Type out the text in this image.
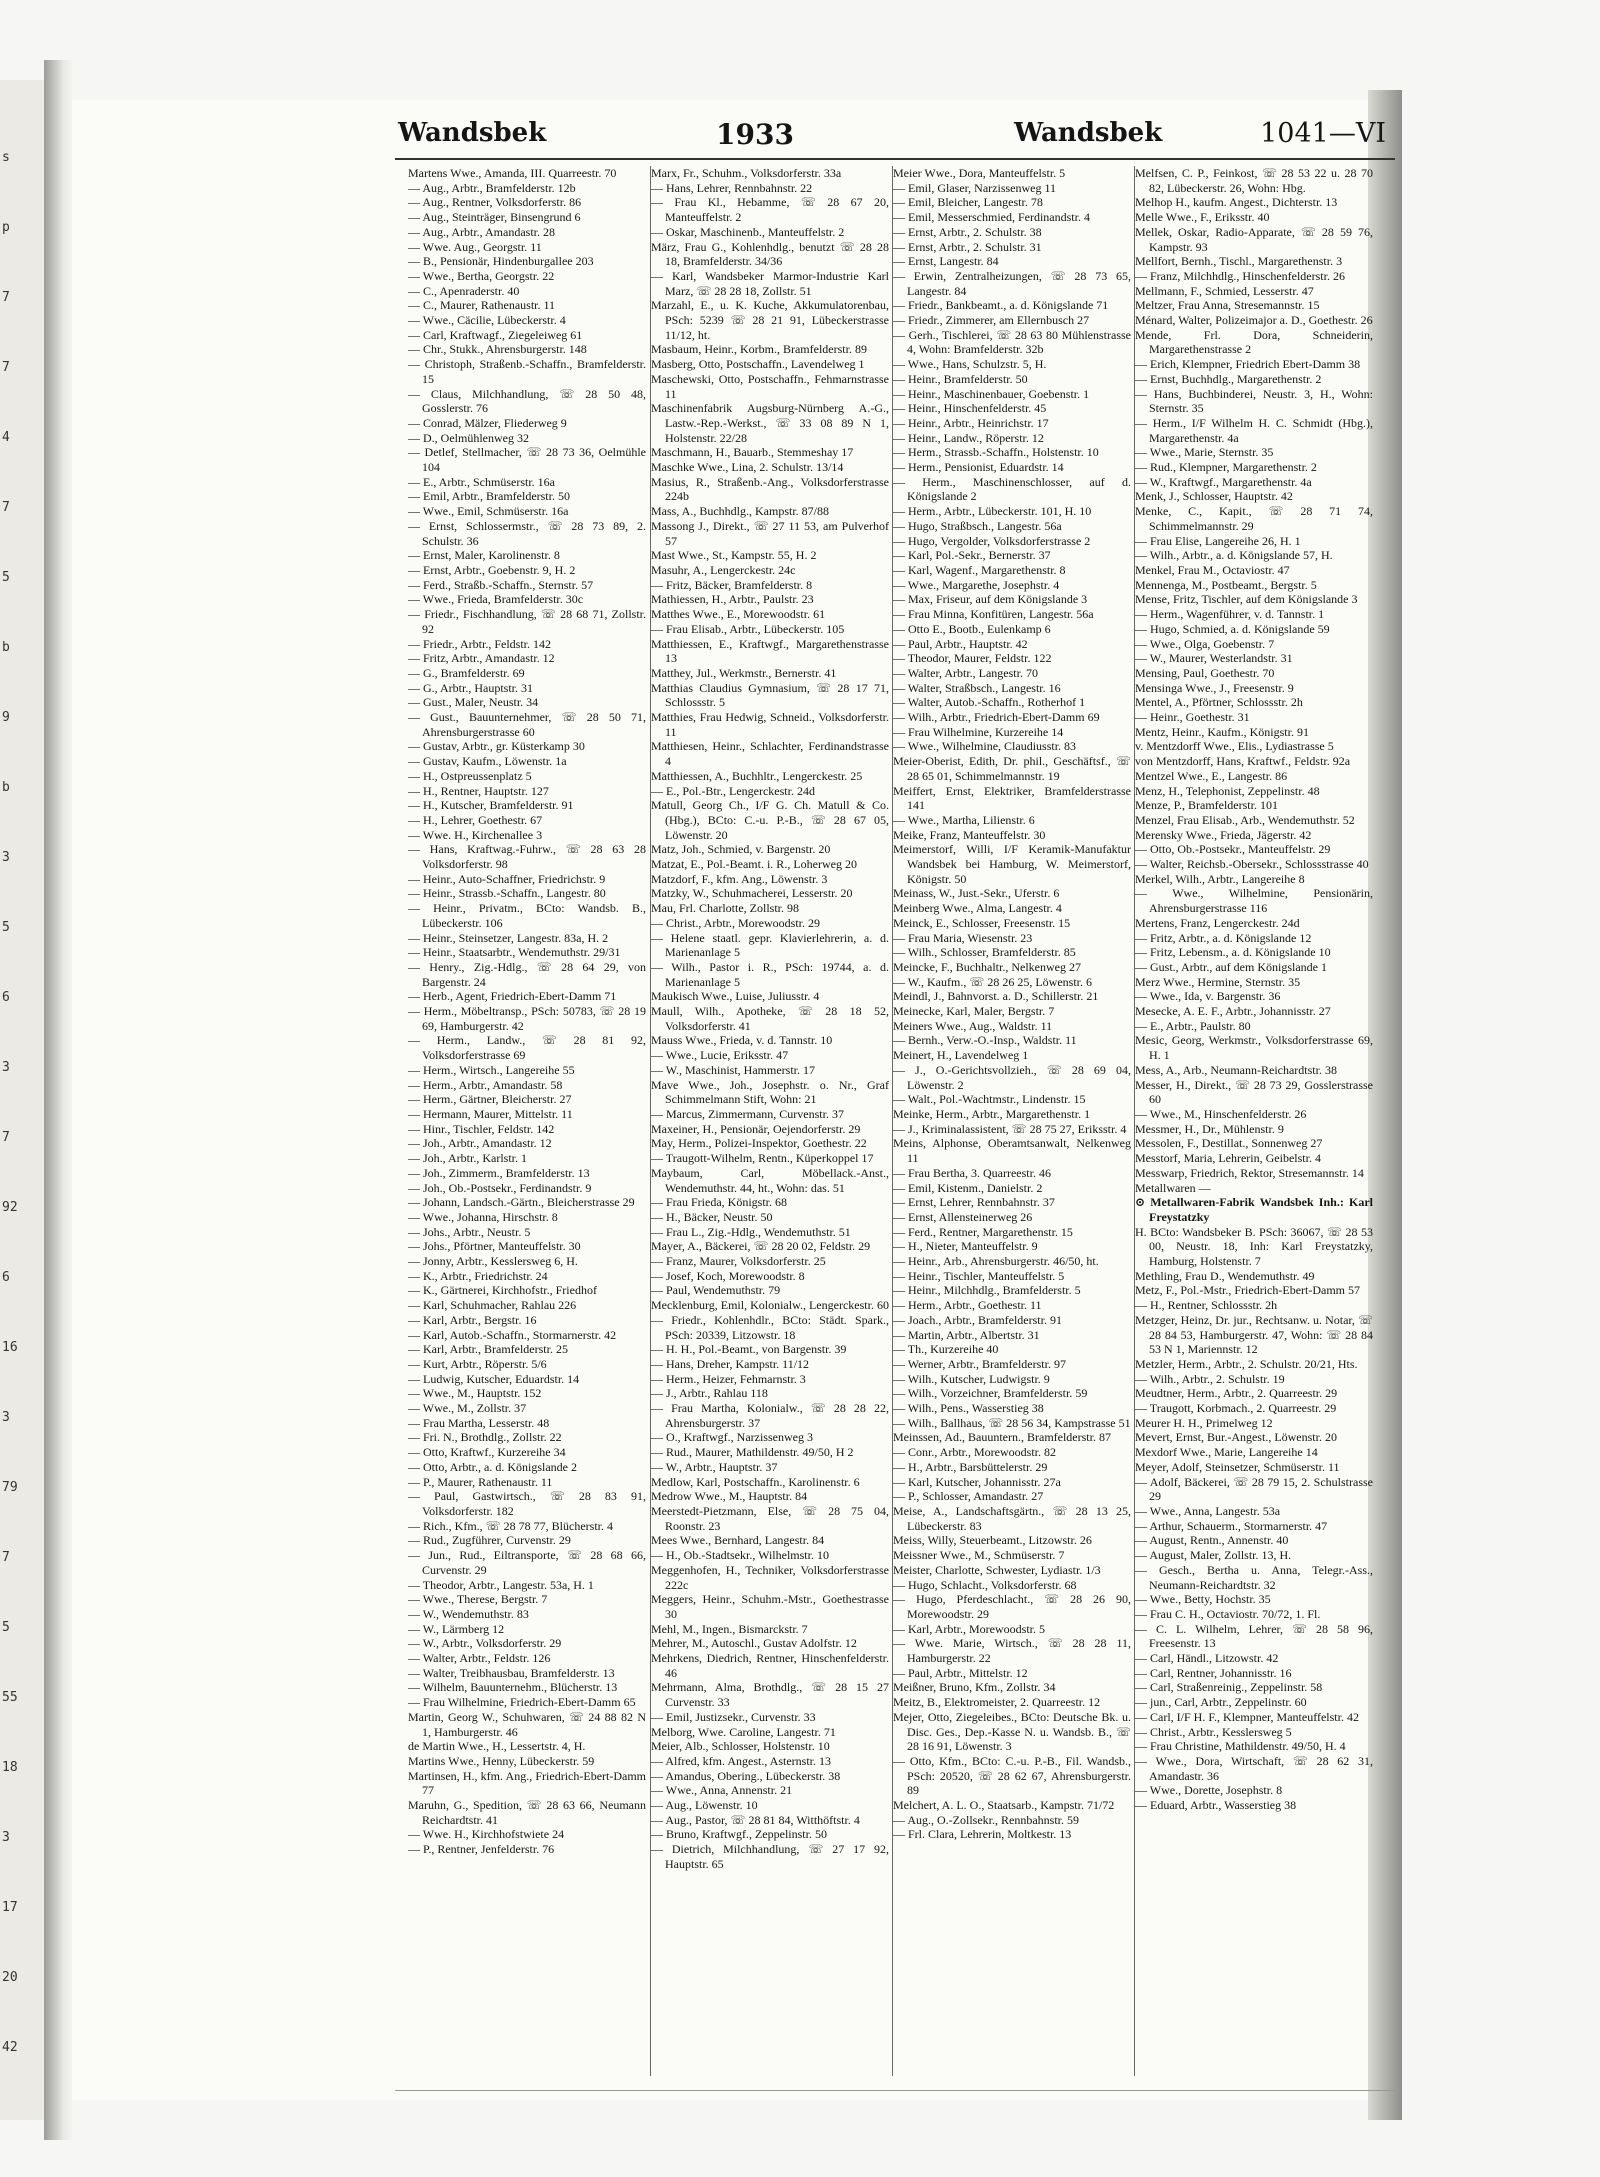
s
p
7
7
4
7
5
b
9
b
3
5
6
3
7
92
6
16
3
79
7
5
55
18
3
17
20
42
Wandsbek	1933	Wandsbek	1041—VI

Martens Wwe., Amanda, III. Quarreestr. 70

— Aug., Arbtr., Bramfelderstr. 12b

— Aug., Rentner, Volksdorferstr. 86

— Aug., Steinträger, Binsengrund 6

— Aug., Arbtr., Amandastr. 28

— Wwe. Aug., Georgstr. 11

— B., Pensionär, Hindenburgallee 203

— Wwe., Bertha, Georgstr. 22

— C., Apenraderstr. 40

— C., Maurer, Rathenaustr. 11

— Wwe., Cäcilie, Lübeckerstr. 4

— Carl, Kraftwagf., Ziegeleiweg 61

— Chr., Stukk., Ahrensburgerstr. 148

— Christoph, Straßenb.-Schaffn., Bramfelderstr. 15

— Claus, Milchhandlung, ☏ 28 50 48, Gosslerstr. 76

— Conrad, Mälzer, Fliederweg 9

— D., Oelmühlenweg 32

— Detlef, Stellmacher, ☏ 28 73 36, Oelmühle 104

— E., Arbtr., Schmüserstr. 16a

— Emil, Arbtr., Bramfelderstr. 50

— Wwe., Emil, Schmüserstr. 16a

— Ernst, Schlossermstr., ☏ 28 73 89, 2. Schulstr. 36

— Ernst, Maler, Karolinenstr. 8

— Ernst, Arbtr., Goebenstr. 9, H. 2

— Ferd., Straßb.-Schaffn., Sternstr. 57

— Wwe., Frieda, Bramfelderstr. 30c

— Friedr., Fischhandlung, ☏ 28 68 71, Zollstr. 92

— Friedr., Arbtr., Feldstr. 142

— Fritz, Arbtr., Amandastr. 12

— G., Bramfelderstr. 69

— G., Arbtr., Hauptstr. 31

— Gust., Maler, Neustr. 34

— Gust., Bauunternehmer, ☏ 28 50 71, Ahrensburgerstrasse 60

— Gustav, Arbtr., gr. Küsterkamp 30

— Gustav, Kaufm., Löwenstr. 1a

— H., Ostpreussenplatz 5

— H., Rentner, Hauptstr. 127

— H., Kutscher, Bramfelderstr. 91

— H., Lehrer, Goethestr. 67

— Wwe. H., Kirchenallee 3

— Hans, Kraftwag.-Fuhrw., ☏ 28 63 28 Volksdorferstr. 98

— Heinr., Auto-Schaffner, Friedrichstr. 9

— Heinr., Strassb.-Schaffn., Langestr. 80

— Heinr., Privatm., BCto: Wandsb. B., Lübeckerstr. 106

— Heinr., Steinsetzer, Langestr. 83a, H. 2

— Heinr., Staatsarbtr., Wendemuthstr. 29/31

— Henry., Zig.-Hdlg., ☏ 28 64 29, von Bargenstr. 24

— Herb., Agent, Friedrich-Ebert-Damm 71

— Herm., Möbeltransp., PSch: 50783, ☏ 28 19 69, Hamburgerstr. 42

— Herm., Landw., ☏ 28 81 92, Volksdorferstrasse 69

— Herm., Wirtsch., Langereihe 55

— Herm., Arbtr., Amandastr. 58

— Herm., Gärtner, Bleicherstr. 27

— Hermann, Maurer, Mittelstr. 11

— Hinr., Tischler, Feldstr. 142

— Joh., Arbtr., Amandastr. 12

— Joh., Arbtr., Karlstr. 1

— Joh., Zimmerm., Bramfelderstr. 13

— Joh., Ob.-Postsekr., Ferdinandstr. 9

— Johann, Landsch.-Gärtn., Bleicherstrasse 29

— Wwe., Johanna, Hirschstr. 8

— Johs., Arbtr., Neustr. 5

— Johs., Pförtner, Manteuffelstr. 30

— Jonny, Arbtr., Kesslersweg 6, H.

— K., Arbtr., Friedrichstr. 24

— K., Gärtnerei, Kirchhofstr., Friedhof

— Karl, Schuhmacher, Rahlau 226

— Karl, Arbtr., Bergstr. 16

— Karl, Autob.-Schaffn., Stormarnerstr. 42

— Karl, Arbtr., Bramfelderstr. 25

— Kurt, Arbtr., Röperstr. 5/6

— Ludwig, Kutscher, Eduardstr. 14

— Wwe., M., Hauptstr. 152

— Wwe., M., Zollstr. 37

— Frau Martha, Lesserstr. 48

— Fri. N., Brothdlg., Zollstr. 22

— Otto, Kraftwf., Kurzereihe 34

— Otto, Arbtr., a. d. Königslande 2

— P., Maurer, Rathenaustr. 11

— Paul, Gastwirtsch., ☏ 28 83 91, Volksdorferstr. 182

— Rich., Kfm., ☏ 28 78 77, Blücherstr. 4

— Rud., Zugführer, Curvenstr. 29

— Jun., Rud., Eiltransporte, ☏ 28 68 66, Curvenstr. 29

— Theodor, Arbtr., Langestr. 53a, H. 1

— Wwe., Therese, Bergstr. 7

— W., Wendemuthstr. 83

— W., Lärmberg 12

— W., Arbtr., Volksdorferstr. 29

— Walter, Arbtr., Feldstr. 126

— Walter, Treibhausbau, Bramfelderstr. 13

— Wilhelm, Bauunternehm., Blücherstr. 13

— Frau Wilhelmine, Friedrich-Ebert-Damm 65

Martin, Georg W., Schuhwaren, ☏ 24 88 82 N 1, Hamburgerstr. 46

de Martin Wwe., H., Lessertstr. 4, H.

Martins Wwe., Henny, Lübeckerstr. 59

Martinsen, H., kfm. Ang., Friedrich-Ebert-Damm 77

Maruhn, G., Spedition, ☏ 28 63 66, Neumann Reichardtstr. 41

— Wwe. H., Kirchhofstwiete 24

— P., Rentner, Jenfelderstr. 76

Marx, Fr., Schuhm., Volksdorferstr. 33a

— Hans, Lehrer, Rennbahnstr. 22

— Frau Kl., Hebamme, ☏ 28 67 20, Manteuffelstr. 2

— Oskar, Maschinenb., Manteuffelstr. 2

März, Frau G., Kohlenhdlg., benutzt ☏ 28 28 18, Bramfelderstr. 34/36

— Karl, Wandsbeker Marmor-Industrie Karl Marz, ☏ 28 28 18, Zollstr. 51

Marzahl, E., u. K. Kuche, Akkumulatorenbau, PSch: 5239 ☏ 28 21 91, Lübeckerstrasse 11/12, ht.

Masbaum, Heinr., Korbm., Bramfelderstr. 89

Masberg, Otto, Postschaffn., Lavendelweg 1

Maschewski, Otto, Postschaffn., Fehmarnstrasse 11

Maschinenfabrik Augsburg-Nürnberg A.-G., Lastw.-Rep.-Werkst., ☏ 33 08 89 N 1, Holstenstr. 22/28

Maschmann, H., Bauarb., Stemmeshay 17

Maschke Wwe., Lina, 2. Schulstr. 13/14

Masius, R., Straßenb.-Ang., Volksdorferstrasse 224b

Mass, A., Buchhdlg., Kampstr. 87/88

Massong J., Direkt., ☏ 27 11 53, am Pulverhof 57

Mast Wwe., St., Kampstr. 55, H. 2

Masuhr, A., Lengerckestr. 24c

— Fritz, Bäcker, Bramfelderstr. 8

Mathiessen, H., Arbtr., Paulstr. 23

Matthes Wwe., E., Morewoodstr. 61

— Frau Elisab., Arbtr., Lübeckerstr. 105

Matthiessen, E., Kraftwgf., Margarethenstrasse 13

Matthey, Jul., Werkmstr., Bernerstr. 41

Matthias Claudius Gymnasium, ☏ 28 17 71, Schlossstr. 5

Matthies, Frau Hedwig, Schneid., Volksdorferstr. 11

Matthiesen, Heinr., Schlachter, Ferdinandstrasse 4

Matthiessen, A., Buchhltr., Lengerckestr. 25

— E., Pol.-Btr., Lengerckestr. 24d

Matull, Georg Ch., I/F G. Ch. Matull & Co. (Hbg.), BCto: C.-u. P.-B., ☏ 28 67 05, Löwenstr. 20

Matz, Joh., Schmied, v. Bargenstr. 20

Matzat, E., Pol.-Beamt. i. R., Loherweg 20

Matzdorf, F., kfm. Ang., Löwenstr. 3

Matzky, W., Schuhmacherei, Lesserstr. 20

Mau, Frl. Charlotte, Zollstr. 98

— Christ., Arbtr., Morewoodstr. 29

— Helene staatl. gepr. Klavierlehrerin, a. d. Marienanlage 5

— Wilh., Pastor i. R., PSch: 19744, a. d. Marienanlage 5

Maukisch Wwe., Luise, Juliusstr. 4

Maull, Wilh., Apotheke, ☏ 28 18 52, Volksdorferstr. 41

Mauss Wwe., Frieda, v. d. Tannstr. 10

— Wwe., Lucie, Eriksstr. 47

— W., Maschinist, Hammerstr. 17

Mave Wwe., Joh., Josephstr. o. Nr., Graf Schimmelmann Stift, Wohn: 21

— Marcus, Zimmermann, Curvenstr. 37

Maxeiner, H., Pensionär, Oejendorferstr. 29

May, Herm., Polizei-Inspektor, Goethestr. 22

— Traugott-Wilhelm, Rentn., Küperkoppel 17

Maybaum, Carl, Möbellack.-Anst., Wendemuthstr. 44, ht., Wohn: das. 51

— Frau Frieda, Königstr. 68

— H., Bäcker, Neustr. 50

— Frau L., Zig.-Hdlg., Wendemuthstr. 51

Mayer, A., Bäckerei, ☏ 28 20 02, Feldstr. 29

— Franz, Maurer, Volksdorferstr. 25

— Josef, Koch, Morewoodstr. 8

— Paul, Wendemuthstr. 79

Mecklenburg, Emil, Kolonialw., Lengerckestr. 60

— Friedr., Kohlenhdlr., BCto: Städt. Spark., PSch: 20339, Litzowstr. 18

— H. H., Pol.-Beamt., von Bargenstr. 39

— Hans, Dreher, Kampstr. 11/12

— Herm., Heizer, Fehmarnstr. 3

— J., Arbtr., Rahlau 118

— Frau Martha, Kolonialw., ☏ 28 28 22, Ahrensburgerstr. 37

— O., Kraftwgf., Narzissenweg 3

— Rud., Maurer, Mathildenstr. 49/50, H 2

— W., Arbtr., Hauptstr. 37

Medlow, Karl, Postschaffn., Karolinenstr. 6

Medrow Wwe., M., Hauptstr. 84

Meerstedt-Pietzmann, Else, ☏ 28 75 04, Roonstr. 23

Mees Wwe., Bernhard, Langestr. 84

— H., Ob.-Stadtsekr., Wilhelmstr. 10

Meggenhofen, H., Techniker, Volksdorferstrasse 222c

Meggers, Heinr., Schuhm.-Mstr., Goethestrasse 30

Mehl, M., Ingen., Bismarckstr. 7

Mehrer, M., Autoschl., Gustav Adolfstr. 12

Mehrkens, Diedrich, Rentner, Hinschenfelderstr. 46

Mehrmann, Alma, Brothdlg., ☏ 28 15 27 Curvenstr. 33

— Emil, Justizsekr., Curvenstr. 33

Melborg, Wwe. Caroline, Langestr. 71

Meier, Alb., Schlosser, Holstenstr. 10

— Alfred, kfm. Angest., Asternstr. 13

— Amandus, Obering., Lübeckerstr. 38

— Wwe., Anna, Annenstr. 21

— Aug., Löwenstr. 10

— Aug., Pastor, ☏ 28 81 84, Witthöftstr. 4

— Bruno, Kraftwgf., Zeppelinstr. 50

— Dietrich, Milchhandlung, ☏ 27 17 92, Hauptstr. 65

Meier Wwe., Dora, Manteuffelstr. 5

— Emil, Glaser, Narzissenweg 11

— Emil, Bleicher, Langestr. 78

— Emil, Messerschmied, Ferdinandstr. 4

— Ernst, Arbtr., 2. Schulstr. 38

— Ernst, Arbtr., 2. Schulstr. 31

— Ernst, Langestr. 84

— Erwin, Zentralheizungen, ☏ 28 73 65, Langestr. 84

— Friedr., Bankbeamt., a. d. Königslande 71

— Friedr., Zimmerer, am Ellernbusch 27

— Gerh., Tischlerei, ☏ 28 63 80 Mühlenstrasse 4, Wohn: Bramfelderstr. 32b

— Wwe., Hans, Schulzstr. 5, H.

— Heinr., Bramfelderstr. 50

— Heinr., Maschinenbauer, Goebenstr. 1

— Heinr., Hinschenfelderstr. 45

— Heinr., Arbtr., Heinrichstr. 17

— Heinr., Landw., Röperstr. 12

— Herm., Strassb.-Schaffn., Holstenstr. 10

— Herm., Pensionist, Eduardstr. 14

— Herm., Maschinenschlosser, auf d. Königslande 2

— Herm., Arbtr., Lübeckerstr. 101, H. 10

— Hugo, Straßbsch., Langestr. 56a

— Hugo, Vergolder, Volksdorferstrasse 2

— Karl, Pol.-Sekr., Bernerstr. 37

— Karl, Wagenf., Margarethenstr. 8

— Wwe., Margarethe, Josephstr. 4

— Max, Friseur, auf dem Königslande 3

— Frau Minna, Konfitüren, Langestr. 56a

— Otto E., Bootb., Eulenkamp 6

— Paul, Arbtr., Hauptstr. 42

— Theodor, Maurer, Feldstr. 122

— Walter, Arbtr., Langestr. 70

— Walter, Straßbsch., Langestr. 16

— Walter, Autob.-Schaffn., Rotherhof 1

— Wilh., Arbtr., Friedrich-Ebert-Damm 69

— Frau Wilhelmine, Kurzereihe 14

— Wwe., Wilhelmine, Claudiusstr. 83

Meier-Oberist, Edith, Dr. phil., Geschäftsf., ☏ 28 65 01, Schimmelmannstr. 19

Meiffert, Ernst, Elektriker, Bramfelderstrasse 141

— Wwe., Martha, Lilienstr. 6

Meike, Franz, Manteuffelstr. 30

Meimerstorf, Willi, I/F Keramik-Manufaktur Wandsbek bei Hamburg, W. Meimerstorf, Königstr. 50

Meinass, W., Just.-Sekr., Uferstr. 6

Meinberg Wwe., Alma, Langestr. 4

Meinck, E., Schlosser, Freesenstr. 15

— Frau Maria, Wiesenstr. 23

— Wilh., Schlosser, Bramfelderstr. 85

Meincke, F., Buchhaltr., Nelkenweg 27

— W., Kaufm., ☏ 28 26 25, Löwenstr. 6

Meindl, J., Bahnvorst. a. D., Schillerstr. 21

Meinecke, Karl, Maler, Bergstr. 7

Meiners Wwe., Aug., Waldstr. 11

— Bernh., Verw.-O.-Insp., Waldstr. 11

Meinert, H., Lavendelweg 1

— J., O.-Gerichtsvollzieh., ☏ 28 69 04, Löwenstr. 2

— Walt., Pol.-Wachtmstr., Lindenstr. 15

Meinke, Herm., Arbtr., Margarethenstr. 1

— J., Kriminalassistent, ☏ 28 75 27, Eriksstr. 4

Meins, Alphonse, Oberamtsanwalt, Nelkenweg 11

— Frau Bertha, 3. Quarreestr. 46

— Emil, Kistenm., Danielstr. 2

— Ernst, Lehrer, Rennbahnstr. 37

— Ernst, Allensteinerweg 26

— Ferd., Rentner, Margarethenstr. 15

— H., Nieter, Manteuffelstr. 9

— Heinr., Arb., Ahrensburgerstr. 46/50, ht.

— Heinr., Tischler, Manteuffelstr. 5

— Heinr., Milchhdlg., Bramfelderstr. 5

— Herm., Arbtr., Goethestr. 11

— Joach., Arbtr., Bramfelderstr. 91

— Martin, Arbtr., Albertstr. 31

— Th., Kurzereihe 40

— Werner, Arbtr., Bramfelderstr. 97

— Wilh., Kutscher, Ludwigstr. 9

— Wilh., Vorzeichner, Bramfelderstr. 59

— Wilh., Pens., Wasserstieg 38

— Wilh., Ballhaus, ☏ 28 56 34, Kampstrasse 51

Meinssen, Ad., Bauuntern., Bramfelderstr. 87

— Conr., Arbtr., Morewoodstr. 82

— H., Arbtr., Barsbüttelerstr. 29

— Karl, Kutscher, Johannisstr. 27a

— P., Schlosser, Amandastr. 27

Meise, A., Landschaftsgärtn., ☏ 28 13 25, Lübeckerstr. 83

Meiss, Willy, Steuerbeamt., Litzowstr. 26

Meissner Wwe., M., Schmüserstr. 7

Meister, Charlotte, Schwester, Lydiastr. 1/3

— Hugo, Schlacht., Volksdorferstr. 68

— Hugo, Pferdeschlacht., ☏ 28 26 90, Morewoodstr. 29

— Karl, Arbtr., Morewoodstr. 5

— Wwe. Marie, Wirtsch., ☏ 28 28 11, Hamburgerstr. 22

— Paul, Arbtr., Mittelstr. 12

Meißner, Bruno, Kfm., Zollstr. 34

Meitz, B., Elektromeister, 2. Quarreestr. 12

Mejer, Otto, Ziegeleibes., BCto: Deutsche Bk. u. Disc. Ges., Dep.-Kasse N. u. Wandsb. B., ☏ 28 16 91, Löwenstr. 3

— Otto, Kfm., BCto: C.-u. P.-B., Fil. Wandsb., PSch: 20520, ☏ 28 62 67, Ahrensburgerstr. 89

Melchert, A. L. O., Staatsarb., Kampstr. 71/72

— Aug., O.-Zollsekr., Rennbahnstr. 59

— Frl. Clara, Lehrerin, Moltkestr. 13

Melfsen, C. P., Feinkost, ☏ 28 53 22 u. 28 70 82, Lübeckerstr. 26, Wohn: Hbg.

Melhop H., kaufm. Angest., Dichterstr. 13

Melle Wwe., F., Eriksstr. 40

Mellek, Oskar, Radio-Apparate, ☏ 28 59 76, Kampstr. 93

Mellfort, Bernh., Tischl., Margarethenstr. 3

— Franz, Milchhdlg., Hinschenfelderstr. 26

Mellmann, F., Schmied, Lesserstr. 47

Meltzer, Frau Anna, Stresemannstr. 15

Ménard, Walter, Polizeimajor a. D., Goethestr. 26

Mende, Frl. Dora, Schneiderin, Margarethenstrasse 2

— Erich, Klempner, Friedrich Ebert-Damm 38

— Ernst, Buchhdlg., Margarethenstr. 2

— Hans, Buchbinderei, Neustr. 3, H., Wohn: Sternstr. 35

— Herm., I/F Wilhelm H. C. Schmidt (Hbg.), Margarethenstr. 4a

— Wwe., Marie, Sternstr. 35

— Rud., Klempner, Margarethenstr. 2

— W., Kraftwgf., Margarethenstr. 4a

Menk, J., Schlosser, Hauptstr. 42

Menke, C., Kapit., ☏ 28 71 74, Schimmelmannstr. 29

— Frau Elise, Langereihe 26, H. 1

— Wilh., Arbtr., a. d. Königslande 57, H.

Menkel, Frau M., Octaviostr. 47

Mennenga, M., Postbeamt., Bergstr. 5

Mense, Fritz, Tischler, auf dem Königslande 3

— Herm., Wagenführer, v. d. Tannstr. 1

— Hugo, Schmied, a. d. Königslande 59

— Wwe., Olga, Goebenstr. 7

— W., Maurer, Westerlandstr. 31

Mensing, Paul, Goethestr. 70

Mensinga Wwe., J., Freesenstr. 9

Mentel, A., Pförtner, Schlossstr. 2h

— Heinr., Goethestr. 31

Mentz, Heinr., Kaufm., Königstr. 91

v. Mentzdorff Wwe., Elis., Lydiastrasse 5

von Mentzdorff, Hans, Kraftwf., Feldstr. 92a

Mentzel Wwe., E., Langestr. 86

Menz, H., Telephonist, Zeppelinstr. 48

Menze, P., Bramfelderstr. 101

Menzel, Frau Elisab., Arb., Wendemuthstr. 52

Merensky Wwe., Frieda, Jägerstr. 42

— Otto, Ob.-Postsekr., Manteuffelstr. 29

— Walter, Reichsb.-Obersekr., Schlossstrasse 40

Merkel, Wilh., Arbtr., Langereihe 8

— Wwe., Wilhelmine, Pensionärin, Ahrensburgerstrasse 116

Mertens, Franz, Lengerckestr. 24d

— Fritz, Arbtr., a. d. Königslande 12

— Fritz, Lebensm., a. d. Königslande 10

— Gust., Arbtr., auf dem Königslande 1

Merz Wwe., Hermine, Sternstr. 35

— Wwe., Ida, v. Bargenstr. 36

Mesecke, A. E. F., Arbtr., Johannisstr. 27

— E., Arbtr., Paulstr. 80

Mesic, Georg, Werkmstr., Volksdorferstrasse 69, H. 1

Mess, A., Arb., Neumann-Reichardtstr. 38

Messer, H., Direkt., ☏ 28 73 29, Gosslerstrasse 60

— Wwe., M., Hinschenfelderstr. 26

Messmer, H., Dr., Mühlenstr. 9

Messolen, F., Destillat., Sonnenweg 27

Messtorf, Maria, Lehrerin, Geibelstr. 4

Messwarp, Friedrich, Rektor, Stresemannstr. 14

Metallwaren —

⊙ Metallwaren-Fabrik Wandsbek Inh.: Karl Freystatzky

H. BCto: Wandsbeker B. PSch: 36067, ☏ 28 53 00, Neustr. 18, Inh: Karl Freystatzky, Hamburg, Holstenstr. 7

Methling, Frau D., Wendemuthstr. 49

Metz, F., Pol.-Mstr., Friedrich-Ebert-Damm 57

— H., Rentner, Schlossstr. 2h

Metzger, Heinz, Dr. jur., Rechtsanw. u. Notar, ☏ 28 84 53, Hamburgerstr. 47, Wohn: ☏ 28 84 53 N 1, Mariennstr. 12

Metzler, Herm., Arbtr., 2. Schulstr. 20/21, Hts.

— Wilh., Arbtr., 2. Schulstr. 19

Meudtner, Herm., Arbtr., 2. Quarreestr. 29

— Traugott, Korbmach., 2. Quarreestr. 29

Meurer H. H., Primelweg 12

Mevert, Ernst, Bur.-Angest., Löwenstr. 20

Mexdorf Wwe., Marie, Langereihe 14

Meyer, Adolf, Steinsetzer, Schmüserstr. 11

— Adolf, Bäckerei, ☏ 28 79 15, 2. Schulstrasse 29

— Wwe., Anna, Langestr. 53a

— Arthur, Schauerm., Stormarnerstr. 47

— August, Rentn., Annenstr. 40

— August, Maler, Zollstr. 13, H.

— Gesch., Bertha u. Anna, Telegr.-Ass., Neumann-Reichardtstr. 32

— Wwe., Betty, Hochstr. 35

— Frau C. H., Octaviostr. 70/72, 1. Fl.

— C. L. Wilhelm, Lehrer, ☏ 28 58 96, Freesenstr. 13

— Carl, Händl., Litzowstr. 42

— Carl, Rentner, Johannisstr. 16

— Carl, Straßenreinig., Zeppelinstr. 58

— jun., Carl, Arbtr., Zeppelinstr. 60

— Carl, I/F H. F., Klempner, Manteuffelstr. 42

— Christ., Arbtr., Kesslersweg 5

— Frau Christine, Mathildenstr. 49/50, H. 4

— Wwe., Dora, Wirtschaft, ☏ 28 62 31, Amandastr. 36

— Wwe., Dorette, Josephstr. 8

— Eduard, Arbtr., Wasserstieg 38
